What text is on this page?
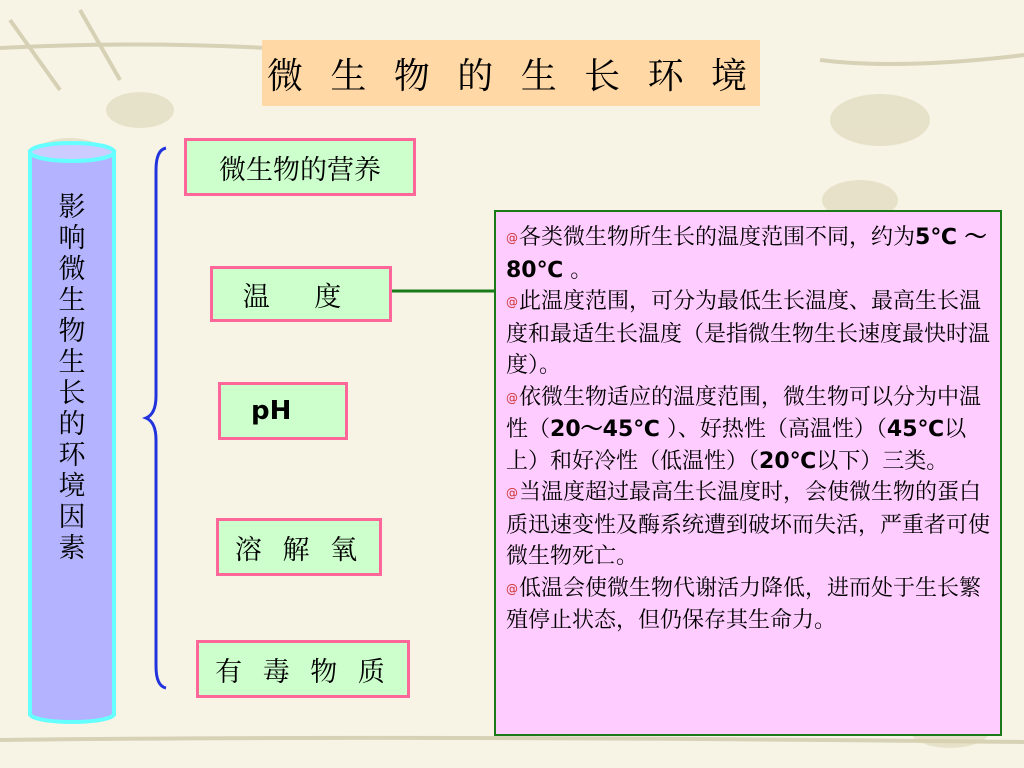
微 生 物 的 生 长 环 境
影
响
微
生
物
生
长
的
环
境
因
素
微生物的营养
温 度
pH
溶 解 氧
有 毒 物 质

@各类微生物所生长的温度范围不同，约为5℃ ～80℃ 。

@此温度范围，可分为最低生长温度、最高生长温度和最适生长温度（是指微生物生长速度最快时温度）。

@依微生物适应的温度范围，微生物可以分为中温性（20～45℃ ）、好热性（高温性）（45℃以上）和好冷性（低温性）（20℃以下）三类。

@当温度超过最高生长温度时，会使微生物的蛋白质迅速变性及酶系统遭到破坏而失活，严重者可使微生物死亡。

@低温会使微生物代谢活力降低，进而处于生长繁殖停止状态，但仍保存其生命力。
